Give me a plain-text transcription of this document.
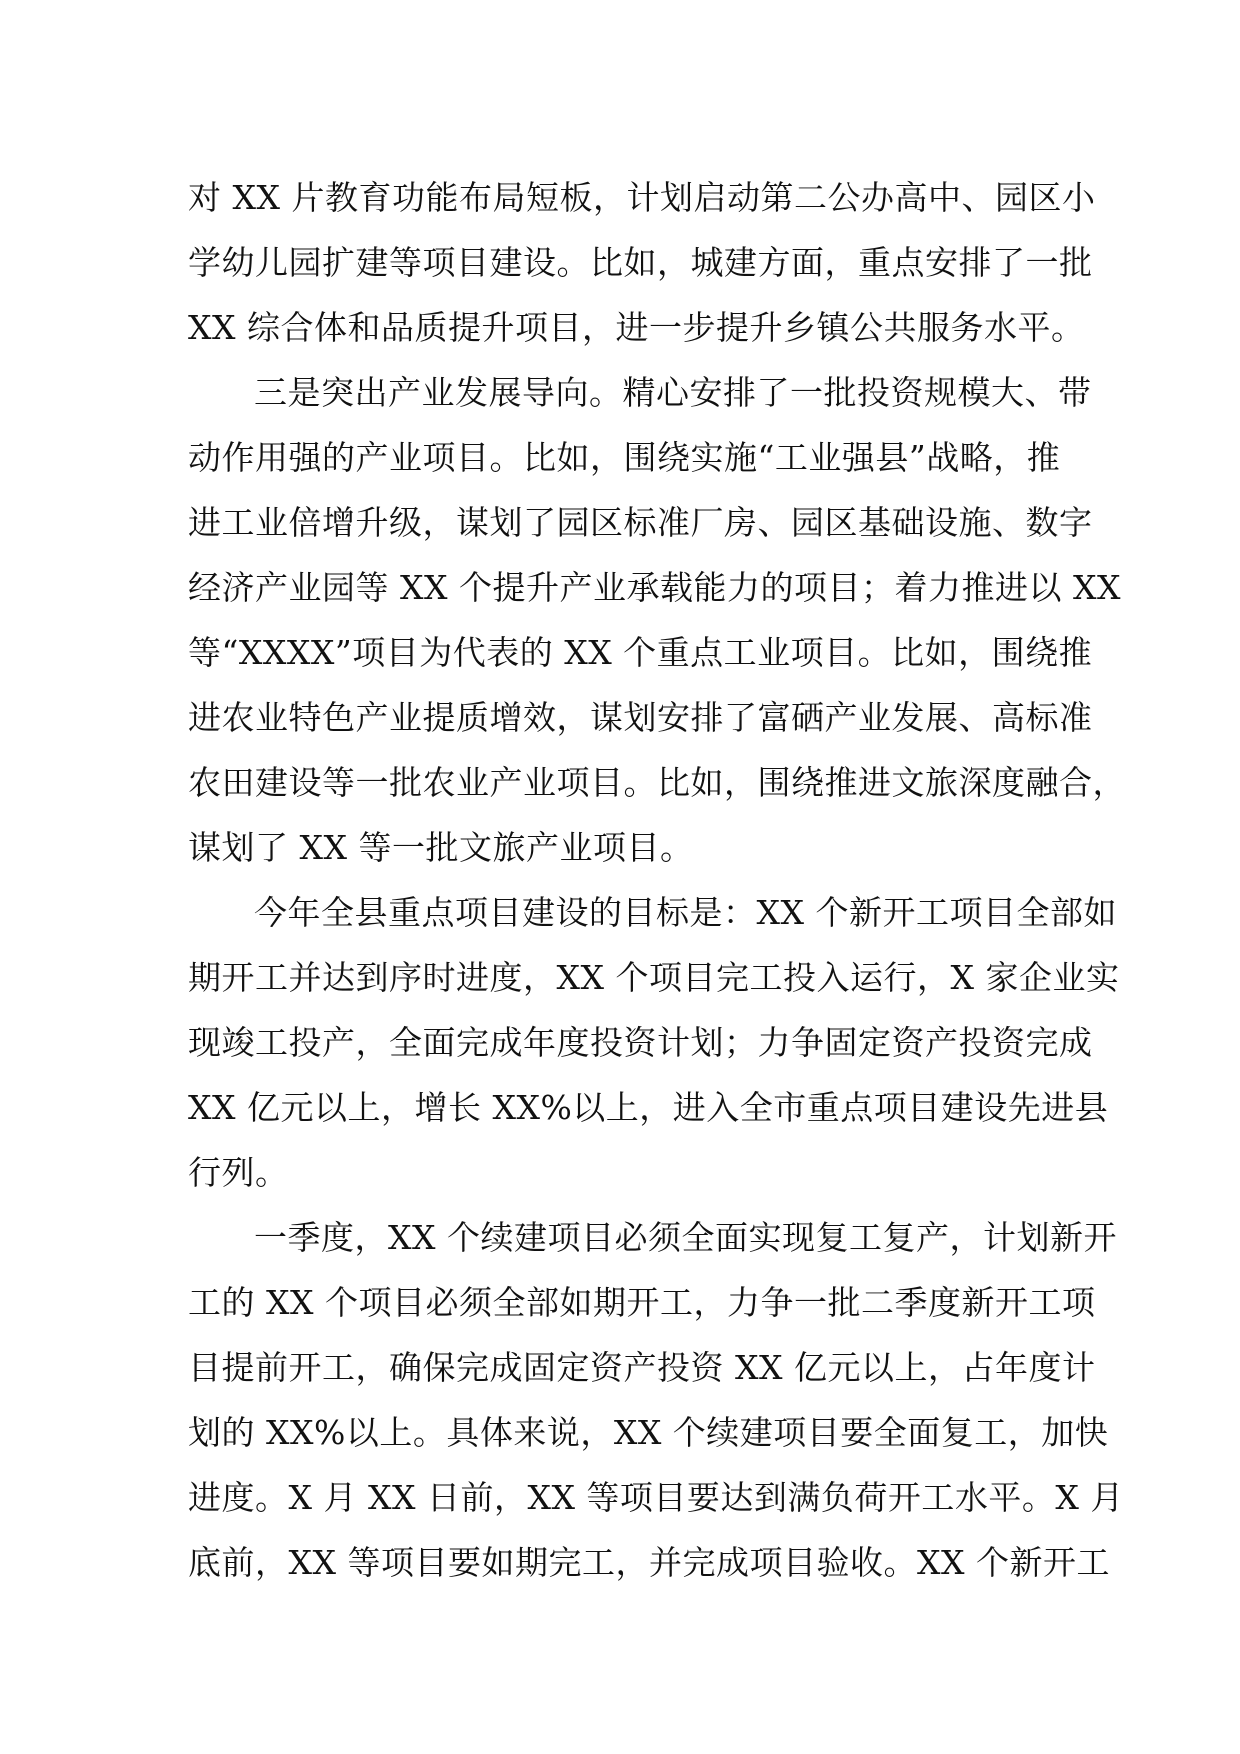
对 XX 片教育功能布局短板，计划启动第二公办高中、园区小
学幼儿园扩建等项目建设。比如，城建方面，重点安排了一批
XX 综合体和品质提升项目，进一步提升乡镇公共服务水平。
三是突出产业发展导向。精心安排了一批投资规模大、带
动作用强的产业项目。比如，围绕实施“工业强县”战略，推
进工业倍增升级，谋划了园区标准厂房、园区基础设施、数字
经济产业园等 XX 个提升产业承载能力的项目；着力推进以 XX
等“XXXX”项目为代表的 XX 个重点工业项目。比如，围绕推
进农业特色产业提质增效，谋划安排了富硒产业发展、高标准
农田建设等一批农业产业项目。比如，围绕推进文旅深度融合，
谋划了 XX 等一批文旅产业项目。
今年全县重点项目建设的目标是：XX 个新开工项目全部如
期开工并达到序时进度，XX 个项目完工投入运行，X 家企业实
现竣工投产，全面完成年度投资计划；力争固定资产投资完成
XX 亿元以上，增长 XX%以上，进入全市重点项目建设先进县
行列。
一季度，XX 个续建项目必须全面实现复工复产，计划新开
工的 XX 个项目必须全部如期开工，力争一批二季度新开工项
目提前开工，确保完成固定资产投资 XX 亿元以上，占年度计
划的 XX%以上。具体来说，XX 个续建项目要全面复工，加快
进度。X 月 XX 日前，XX 等项目要达到满负荷开工水平。X 月
底前，XX 等项目要如期完工，并完成项目验收。XX 个新开工
